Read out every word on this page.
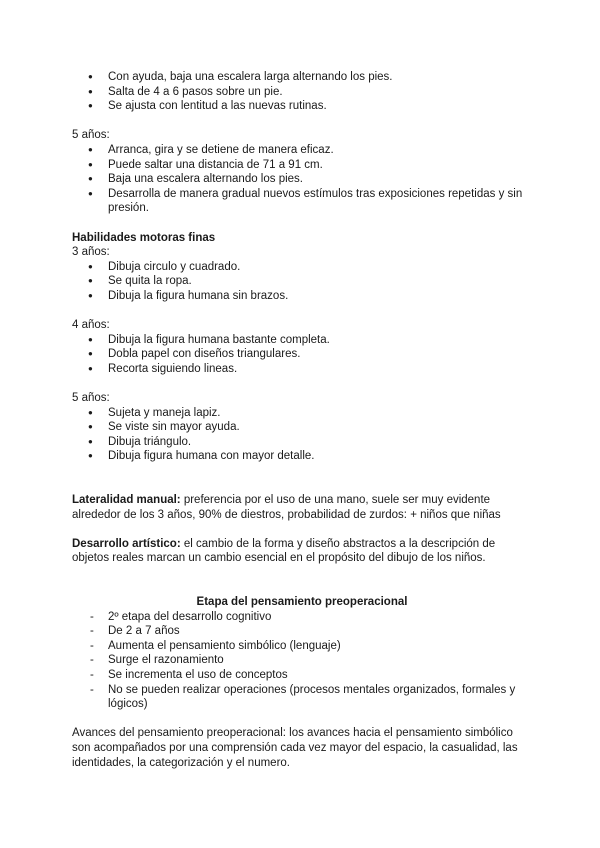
● Con ayuda, baja una escalera larga alternando los pies.
● Salta de 4 a 6 pasos sobre un pie.
● Se ajusta con lentitud a las nuevas rutinas.

5 años:

● Arranca, gira y se detiene de manera eficaz.
● Puede saltar una distancia de 71 a 91 cm.
● Baja una escalera alternando los pies.
● Desarrolla de manera gradual nuevos estímulos tras exposiciones repetidas y sin presión.

Habilidades motoras finas

3 años:

● Dibuja circulo y cuadrado.
● Se quita la ropa.
● Dibuja la figura humana sin brazos.

4 años:

● Dibuja la figura humana bastante completa.
● Dobla papel con diseños triangulares.
● Recorta siguiendo lineas.

5 años:

● Sujeta y maneja lapiz.
● Se viste sin mayor ayuda.
● Dibuja triángulo.
● Dibuja figura humana con mayor detalle.

Lateralidad manual: preferencia por el uso de una mano, suele ser muy evidente alrededor de los 3 años, 90% de diestros, probabilidad de zurdos: + niños que niñas

Desarrollo artístico: el cambio de la forma y diseño abstractos a la descripción de objetos reales marcan un cambio esencial en el propósito del dibujo de los niños.

Etapa del pensamiento preoperacional

- 2º etapa del desarrollo cognitivo
- De 2 a 7 años
- Aumenta el pensamiento simbólico (lenguaje)
- Surge el razonamiento
- Se incrementa el uso de conceptos
- No se pueden realizar operaciones (procesos mentales organizados, formales y lógicos)

Avances del pensamiento preoperacional: los avances hacia el pensamiento simbólico son acompañados por una comprensión cada vez mayor del espacio, la casualidad, las identidades, la categorización y el numero.
